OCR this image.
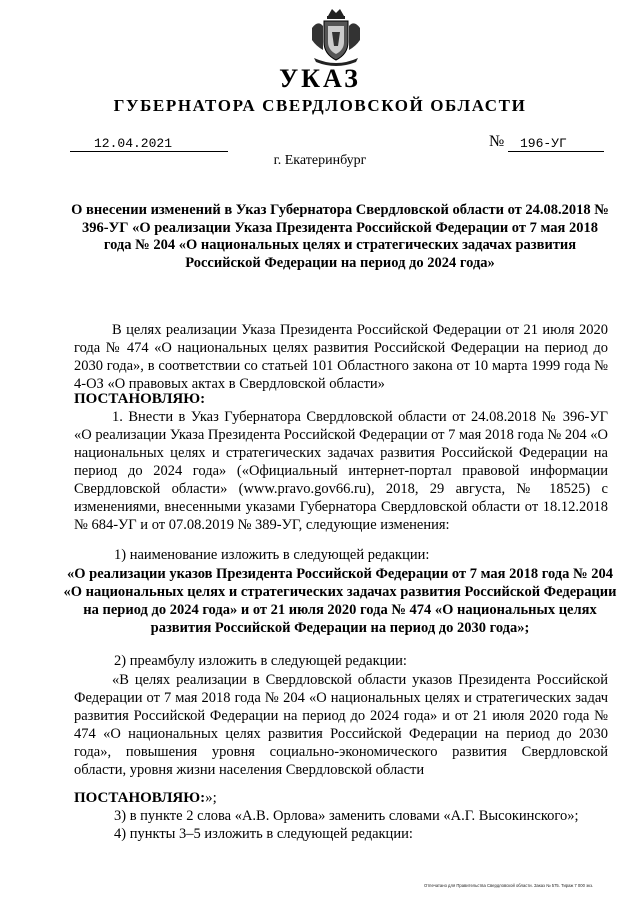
УКАЗ
ГУБЕРНАТОРА СВЕРДЛОВСКОЙ ОБЛАСТИ
12.04.2021	№ 196-УГ
г. Екатеринбург
О внесении изменений в Указ Губернатора Свердловской области от 24.08.2018 № 396-УГ «О реализации Указа Президента Российской Федерации от 7 мая 2018 года № 204 «О национальных целях и стратегических задачах развития Российской Федерации на период до 2024 года»
В целях реализации Указа Президента Российской Федерации от 21 июля 2020 года № 474 «О национальных целях развития Российской Федерации на период до 2030 года», в соответствии со статьей 101 Областного закона от 10 марта 1999 года № 4-ОЗ «О правовых актах в Свердловской области»
ПОСТАНОВЛЯЮ:
1. Внести в Указ Губернатора Свердловской области от 24.08.2018 № 396-УГ «О реализации Указа Президента Российской Федерации от 7 мая 2018 года № 204 «О национальных целях и стратегических задачах развития Российской Федерации на период до 2024 года» («Официальный интернет-портал правовой информации Свердловской области» (www.pravo.gov66.ru), 2018, 29 августа, № 18525) с изменениями, внесенными указами Губернатора Свердловской области от 18.12.2018 № 684-УГ и от 07.08.2019 № 389-УГ, следующие изменения:
1) наименование изложить в следующей редакции:
«О реализации указов Президента Российской Федерации от 7 мая 2018 года № 204 «О национальных целях и стратегических задачах развития Российской Федерации на период до 2024 года» и от 21 июля 2020 года № 474 «О национальных целях развития Российской Федерации на период до 2030 года»;
2) преамбулу изложить в следующей редакции:
«В целях реализации в Свердловской области указов Президента Российской Федерации от 7 мая 2018 года № 204 «О национальных целях и стратегических задач развития Российской Федерации на период до 2024 года» и от 21 июля 2020 года № 474 «О национальных целях развития Российской Федерации на период до 2030 года», повышения уровня социально-экономического развития Свердловской области, уровня жизни населения Свердловской области
ПОСТАНОВЛЯЮ:»;
3) в пункте 2 слова «А.В. Орлова» заменить словами «А.Г. Высокинского»;
4) пункты 3–5 изложить в следующей редакции:
Отпечатано для Правительства Свердловской области. Заказ № 575. Тираж 7 000 экз.
